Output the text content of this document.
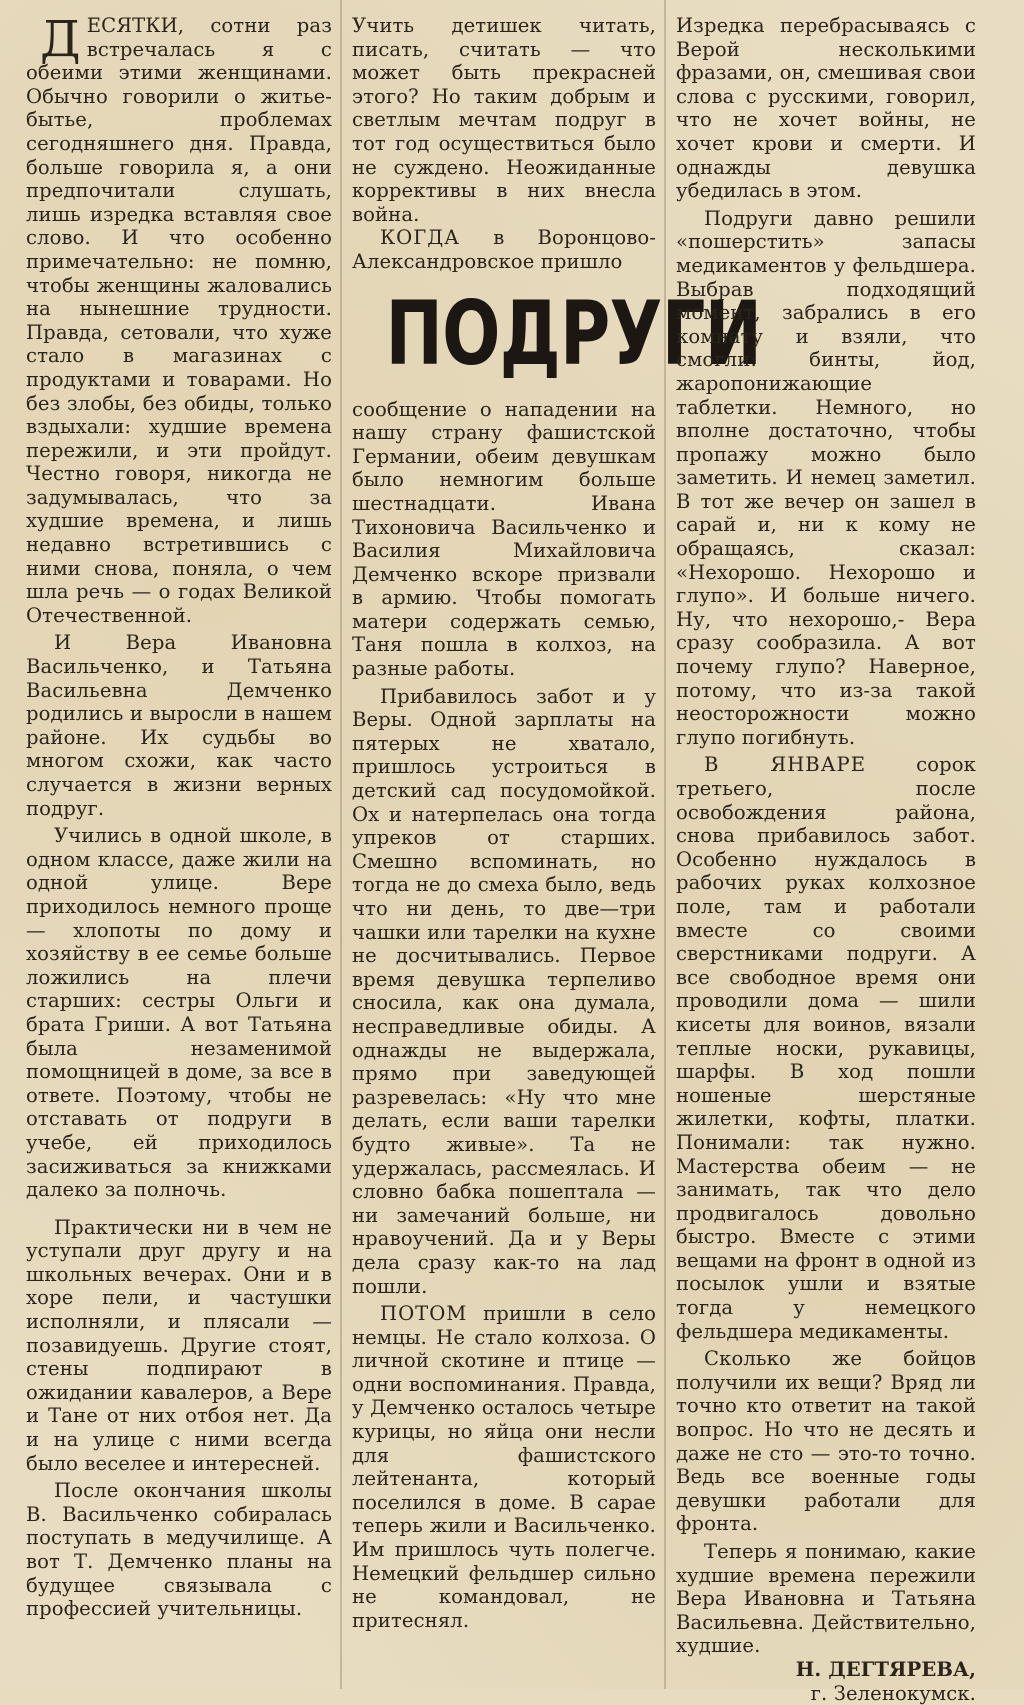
ДЕСЯТКИ, сотни раз встречалась я с обеими этими женщинами. Обычно говорили о житье-бытье, проблемах сегодняшнего дня. Правда, больше говорила я, а они предпочитали слушать, лишь изредка вставляя свое слово. И что особенно примечательно: не помню, чтобы женщины жаловались на нынешние трудности. Правда, сетовали, что хуже стало в магазинах с продуктами и товарами. Но без злобы, без обиды, только вздыхали: худшие времена пережили, и эти пройдут. Честно говоря, никогда не задумывалась, что за худшие времена, и лишь недавно встретившись с ними снова, поняла, о чем шла речь — о годах Великой Отечественной.

И Вера Ивановна Васильченко, и Татьяна Васильевна Демченко родились и выросли в нашем районе. Их судьбы во многом схожи, как часто случается в жизни верных подруг.

Учились в одной школе, в одном классе, даже жили на одной улице. Вере приходилось немного проще — хлопоты по дому и хозяйству в ее семье больше ложились на плечи старших: сестры Ольги и брата Гриши. А вот Татьяна была незаменимой помощницей в доме, за все в ответе. Поэтому, чтобы не отставать от подруги в учебе, ей приходилось засиживаться за книжками далеко за полночь.

Практически ни в чем не уступали друг другу и на школьных вечерах. Они и в хоре пели, и частушки исполняли, и плясали — позавидуешь. Другие стоят, стены подпирают в ожидании кавалеров, а Вере и Тане от них отбоя нет. Да и на улице с ними всегда было веселее и интересней.

После окончания школы В. Васильченко собиралась поступать в медучилище. А вот Т. Демченко планы на будущее связывала с профессией учительницы.

Учить детишек читать, писать, считать — что может быть прекрасней этого? Но таким добрым и светлым мечтам подруг в тот год осуществиться было не суждено. Неожиданные коррективы в них внесла война.

КОГДА в Воронцово-Александровское пришло

ПОДРУГИ

сообщение о нападении на нашу страну фашистской Германии, обеим девушкам было немногим больше шестнадцати. Ивана Тихоновича Васильченко и Василия Михайловича Демченко вскоре призвали в армию. Чтобы помогать матери содержать семью, Таня пошла в колхоз, на разные работы.

Прибавилось забот и у Веры. Одной зарплаты на пятерых не хватало, пришлось устроиться в детский сад посудомойкой. Ох и натерпелась она тогда упреков от старших. Смешно вспоминать, но тогда не до смеха было, ведь что ни день, то две—три чашки или тарелки на кухне не досчитывались. Первое время девушка терпеливо сносила, как она думала, несправедливые обиды. А однажды не выдержала, прямо при заведующей разревелась: «Ну что мне делать, если ваши тарелки будто живые». Та не удержалась, рассмеялась. И словно бабка пошептала — ни замечаний больше, ни нравоучений. Да и у Веры дела сразу как-то на лад пошли.

ПОТОМ пришли в село немцы. Не стало колхоза. О личной скотине и птице — одни воспоминания. Правда, у Демченко осталось четыре курицы, но яйца они несли для фашистского лейтенанта, который поселился в доме. В сарае теперь жили и Васильченко. Им пришлось чуть полегче. Немецкий фельдшер сильно не командовал, не притеснял.

Изредка перебрасываясь с Верой несколькими фразами, он, смешивая свои слова с русскими, говорил, что не хочет войны, не хочет крови и смерти. И однажды девушка убедилась в этом.

Подруги давно решили «пошерстить» запасы медикаментов у фельдшера. Выбрав подходящий момент, забрались в его комнату и взяли, что смогли: бинты, йод, жаропонижающие таблетки. Немного, но вполне достаточно, чтобы пропажу можно было заметить. И немец заметил. В тот же вечер он зашел в сарай и, ни к кому не обращаясь, сказал: «Нехорошо. Нехорошо и глупо». И больше ничего. Ну, что нехорошо,- Вера сразу сообразила. А вот почему глупо? Наверное, потому, что из-за такой неосторожности можно глупо погибнуть.

В ЯНВАРЕ	сорок третьего, после освобождения района, снова прибавилось забот. Особенно нуждалось в рабочих руках колхозное поле, там и работали вместе со своими сверстниками подруги. А все свободное время они проводили дома — шили кисеты для воинов, вязали теплые носки, рукавицы, шарфы. В ход пошли ношеные шерстяные жилетки, кофты, платки. Понимали: так нужно. Мастерства обеим — не занимать, так что дело продвигалось довольно быстро. Вместе с этими вещами на фронт в одной из посылок ушли и взятые тогда у немецкого фельдшера медикаменты.

Сколько же бойцов получили их вещи? Вряд ли точно кто ответит на такой вопрос. Но что не десять и даже не сто — это-то точно. Ведь все военные годы девушки работали для фронта.

Теперь я понимаю, какие худшие времена пережили Вера Ивановна и Татьяна Васильевна. Действительно, худшие.

Н. ДЕГТЯРЕВА,

г. Зеленокумск.
